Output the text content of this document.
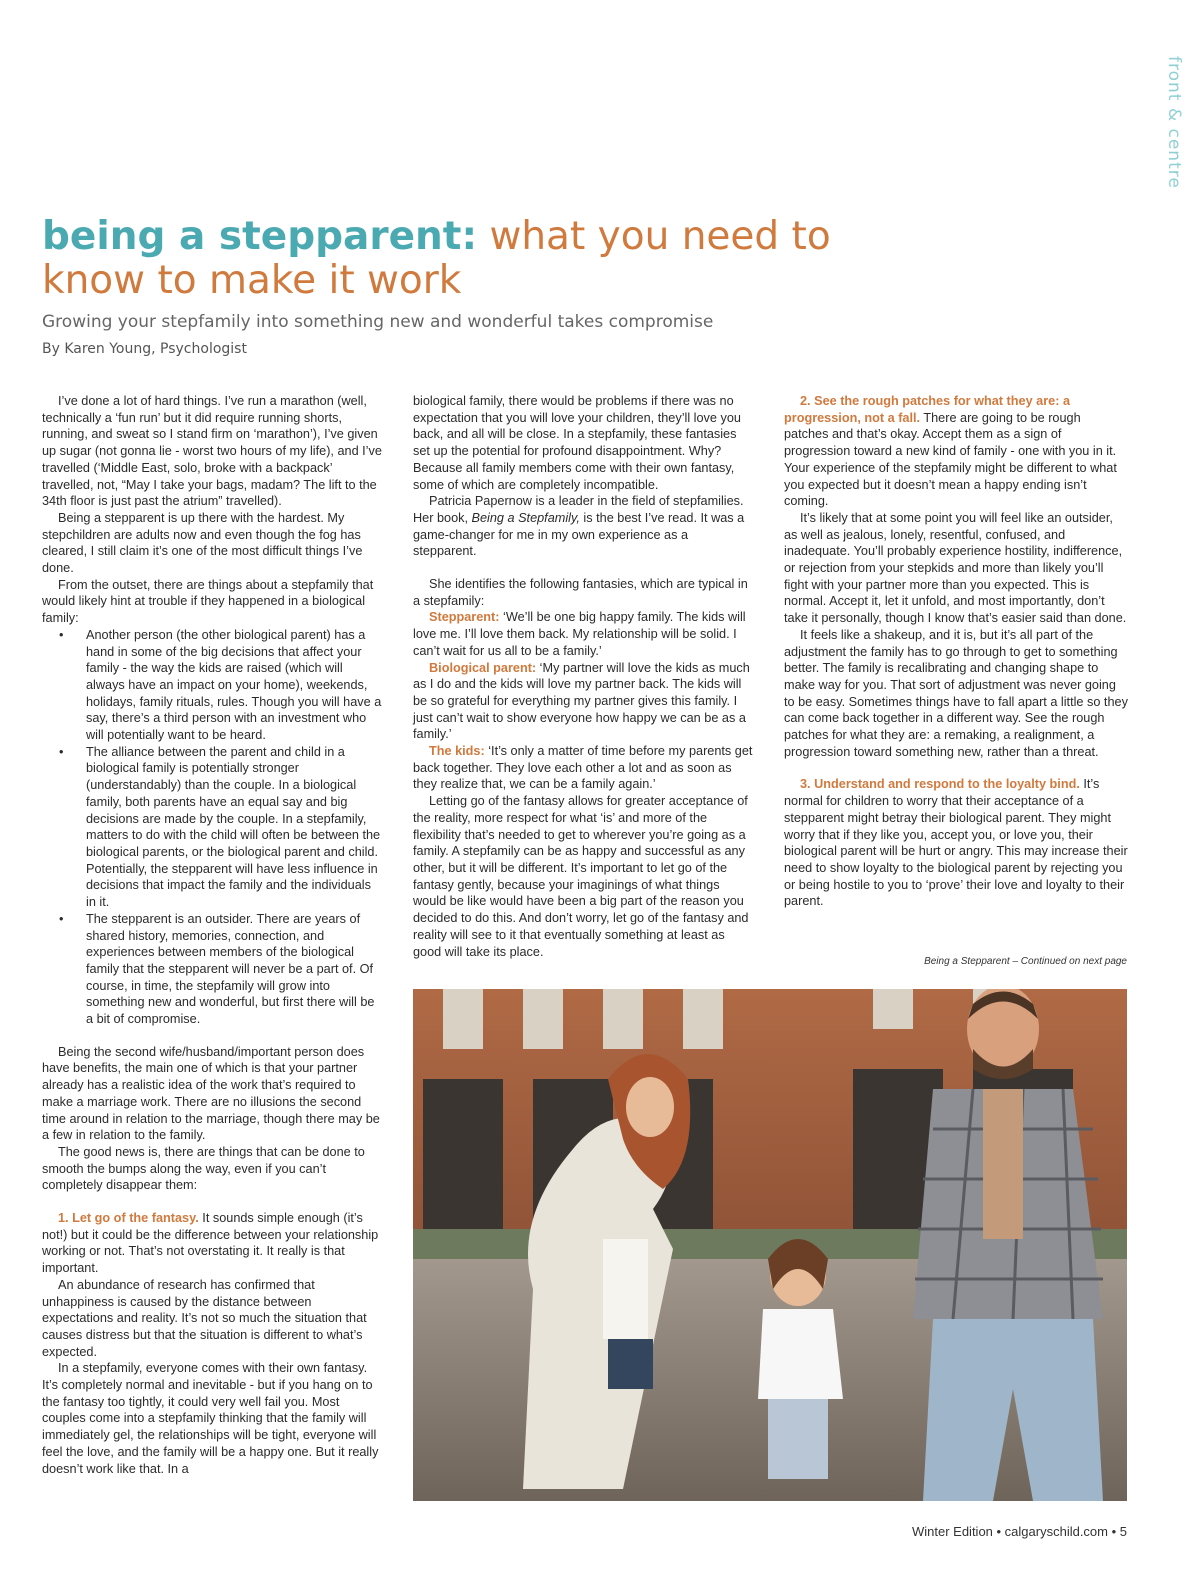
front & centre
being a stepparent: what you need to know to make it work
Growing your stepfamily into something new and wonderful takes compromise
By Karen Young, Psychologist

I’ve done a lot of hard things. I’ve run a marathon (well, technically a ‘fun run’ but it did require running shorts, running, and sweat so I stand firm on ‘marathon’), I’ve given up sugar (not gonna lie - worst two hours of my life), and I’ve travelled (‘Middle East, solo, broke with a backpack’ travelled, not, “May I take your bags, madam? The lift to the 34th floor is just past the atrium” travelled).

Being a stepparent is up there with the hardest. My stepchildren are adults now and even though the fog has cleared, I still claim it’s one of the most difficult things I’ve done.

From the outset, there are things about a stepfamily that would likely hint at trouble if they happened in a biological family:

• Another person (the other biological parent) has a hand in some of the big decisions that affect your family - the way the kids are raised (which will always have an impact on your home), weekends, holidays, family rituals, rules. Though you will have a say, there’s a third person with an investment who will potentially want to be heard.
• The alliance between the parent and child in a biological family is potentially stronger (understandably) than the couple. In a biological family, both parents have an equal say and big decisions are made by the couple. In a stepfamily, matters to do with the child will often be between the biological parents, or the biological parent and child. Potentially, the stepparent will have less influence in decisions that impact the family and the individuals in it.
• The stepparent is an outsider. There are years of shared history, memories, connection, and experiences between members of the biological family that the stepparent will never be a part of. Of course, in time, the stepfamily will grow into something new and wonderful, but first there will be a bit of compromise.

Being the second wife/husband/important person does have benefits, the main one of which is that your partner already has a realistic idea of the work that’s required to make a marriage work. There are no illusions the second time around in relation to the marriage, though there may be a few in relation to the family.

The good news is, there are things that can be done to smooth the bumps along the way, even if you can’t completely disappear them:

1. Let go of the fantasy. It sounds simple enough (it’s not!) but it could be the difference between your relationship working or not. That’s not overstating it. It really is that important.

An abundance of research has confirmed that unhappiness is caused by the distance between expectations and reality. It’s not so much the situation that causes distress but that the situation is different to what’s expected.

In a stepfamily, everyone comes with their own fantasy. It’s completely normal and inevitable - but if you hang on to the fantasy too tightly, it could very well fail you. Most couples come into a stepfamily thinking that the family will immediately gel, the relationships will be tight, everyone will feel the love, and the family will be a happy one. But it really doesn’t work like that. In a

biological family, there would be problems if there was no expectation that you will love your children, they’ll love you back, and all will be close. In a stepfamily, these fantasies set up the potential for profound disappointment. Why? Because all family members come with their own fantasy, some of which are completely incompatible.

Patricia Papernow is a leader in the field of stepfamilies. Her book, Being a Stepfamily, is the best I’ve read. It was a game-changer for me in my own experience as a stepparent.

She identifies the following fantasies, which are typical in a stepfamily:

Stepparent: ‘We’ll be one big happy family. The kids will love me. I’ll love them back. My relationship will be solid. I can’t wait for us all to be a family.’

Biological parent: ‘My partner will love the kids as much as I do and the kids will love my partner back. The kids will be so grateful for everything my partner gives this family. I just can’t wait to show everyone how happy we can be as a family.’

The kids: ‘It’s only a matter of time before my parents get back together. They love each other a lot and as soon as they realize that, we can be a family again.’

Letting go of the fantasy allows for greater acceptance of the reality, more respect for what ‘is’ and more of the flexibility that’s needed to get to wherever you’re going as a family. A stepfamily can be as happy and successful as any other, but it will be different. It’s important to let go of the fantasy gently, because your imaginings of what things would be like would have been a big part of the reason you decided to do this. And don’t worry, let go of the fantasy and reality will see to it that eventually something at least as good will take its place.

2. See the rough patches for what they are: a progression, not a fall. There are going to be rough patches and that’s okay. Accept them as a sign of progression toward a new kind of family - one with you in it. Your experience of the stepfamily might be different to what you expected but it doesn’t mean a happy ending isn’t coming.

It’s likely that at some point you will feel like an outsider, as well as jealous, lonely, resentful, confused, and inadequate. You’ll probably experience hostility, indifference, or rejection from your stepkids and more than likely you’ll fight with your partner more than you expected. This is normal. Accept it, let it unfold, and most importantly, don’t take it personally, though I know that’s easier said than done.

It feels like a shakeup, and it is, but it’s all part of the adjustment the family has to go through to get to something better. The family is recalibrating and changing shape to make way for you. That sort of adjustment was never going to be easy. Sometimes things have to fall apart a little so they can come back together in a different way. See the rough patches for what they are: a remaking, a realignment, a progression toward something new, rather than a threat.

3. Understand and respond to the loyalty bind. It’s normal for children to worry that their acceptance of a stepparent might betray their biological parent. They might worry that if they like you, accept you, or love you, their biological parent will be hurt or angry. This may increase their need to show loyalty to the biological parent by rejecting you or being hostile to you to ‘prove’ their love and loyalty to their parent.

Being a Stepparent – Continued on next page
Winter Edition • calgaryschild.com • 5
